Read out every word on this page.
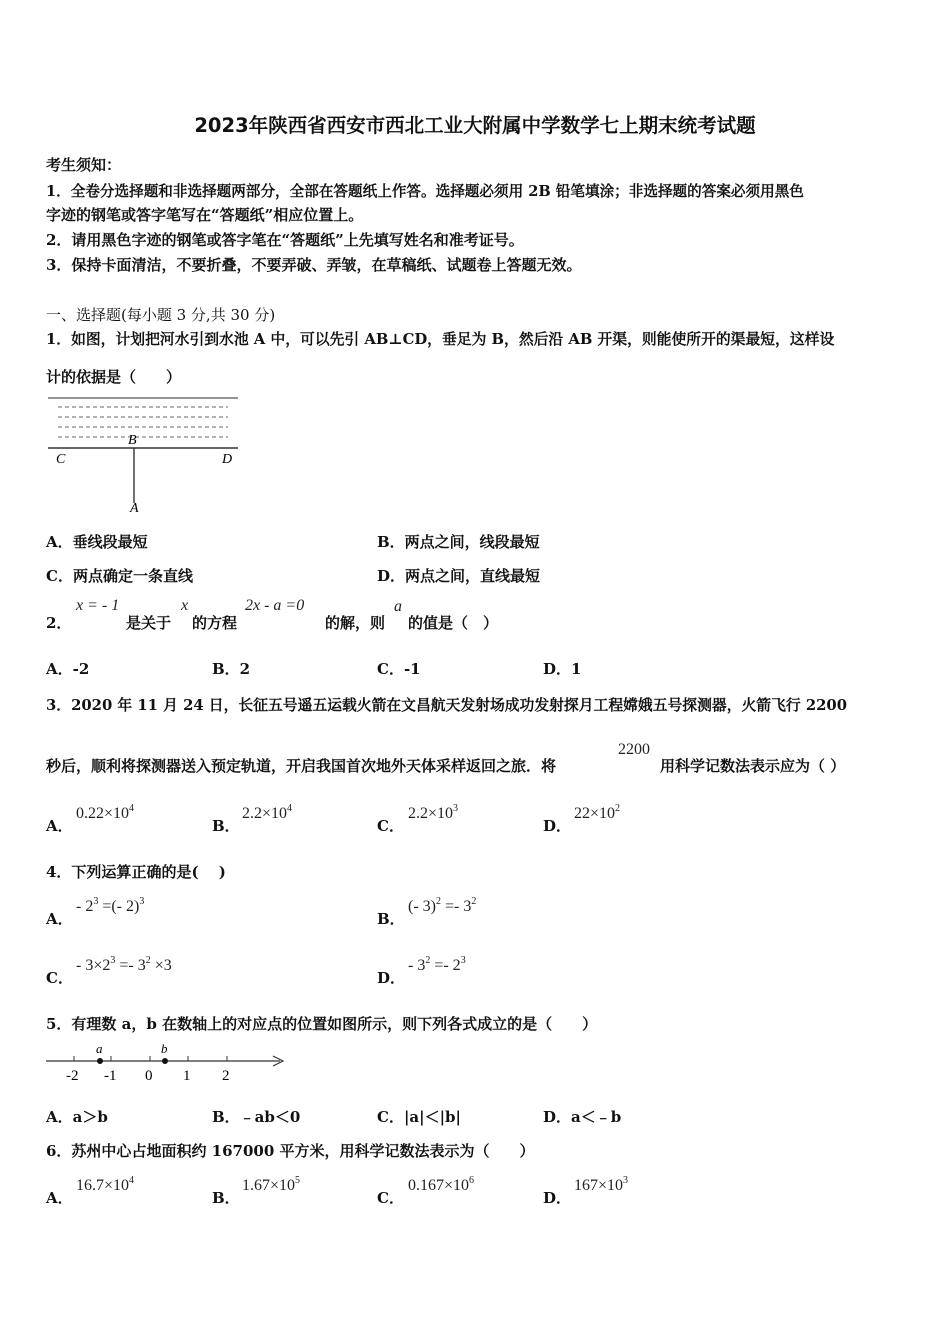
2023年陕西省西安市西北工业大附属中学数学七上期末统考试题
考生须知：
1．全卷分选择题和非选择题两部分，全部在答题纸上作答。选择题必须用 2B 铅笔填涂；非选择题的答案必须用黑色
字迹的钢笔或答字笔写在“答题纸”相应位置上。
2．请用黑色字迹的钢笔或答字笔在“答题纸”上先填写姓名和准考证号。
3．保持卡面清洁，不要折叠，不要弄破、弄皱，在草稿纸、试题卷上答题无效。
一、选择题(每小题 3 分,共 30 分)
1．如图，计划把河水引到水池 A 中，可以先引 AB⊥CD，垂足为 B，然后沿 AB 开渠，则能使所开的渠最短，这样设
计的依据是（　　）
B
C	D
A
A．垂线段最短	B．两点之间，线段最短
C．两点确定一条直线	D．两点之间，直线最短
2．
x = - 1
是关于
x
的方程
2x - a =0
的解，则
a
的值是（　）
A．-2	B．2	C．-1	D．1
3．2020 年 11 月 24 日，长征五号遥五运载火箭在文昌航天发射场成功发射探月工程嫦娥五号探测器，火箭飞行 2200
秒后，顺利将探测器送入预定轨道，开启我国首次地外天体采样返回之旅．将
2200
用科学记数法表示应为（ ）
A．
$0.22\times 10^4$
B．
$2.2\times 10^4$
C．
$2.2\times 10^3$
D．
$22\times 10^2$
4．下列运算正确的是( 　)
A．
- $2^3$ =(- 2)$^3$
B．
(- $3)^2 =- 3^2$
C．
- $3\times 2^3 =- 3^2 \times 3$
D．
- $3^2 =- 2^3$
5．有理数 a，b 在数轴上的对应点的位置如图所示，则下列各式成立的是（　　）
a	b
-2 -1 0 1 2
A．a＞b	B．﹣ab＜0	C．|a|＜|b|	D．a＜﹣b
6．苏州中心占地面积约 167000 平方米，用科学记数法表示为（　　）
A．
$16.7\times 10^4$
B．
$1.67\times 10^5$
C．
$0.167\times 10^6$
D．
$167\times 10^3$
